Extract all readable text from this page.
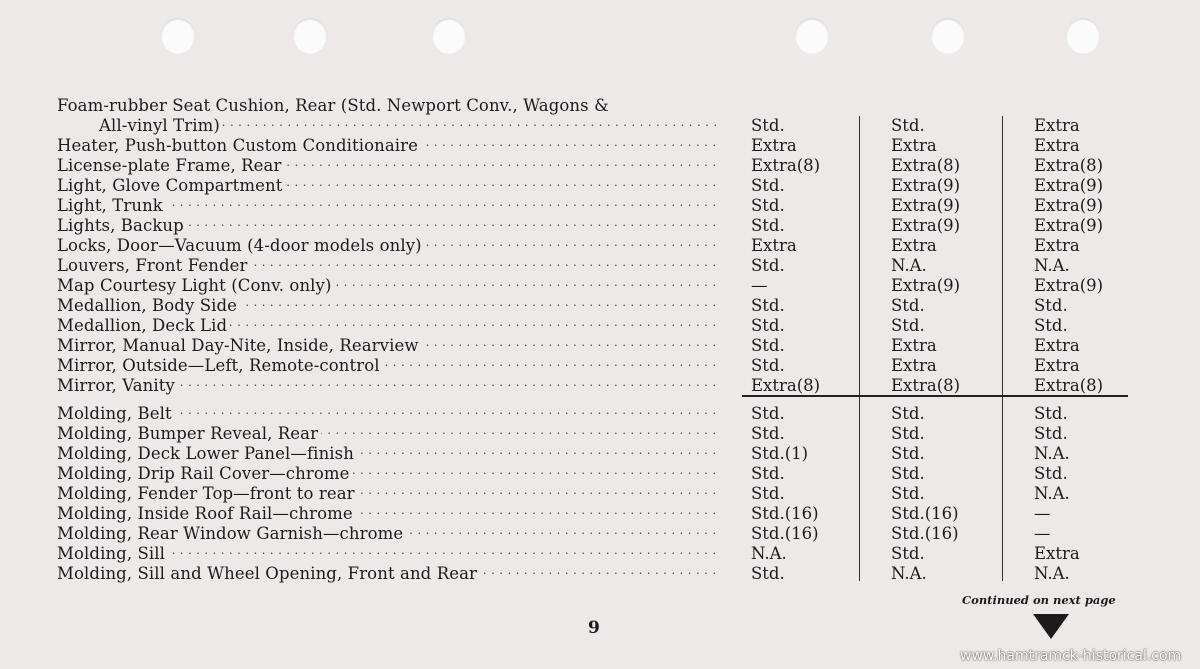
Foam-rubber Seat Cushion, Rear (Std. Newport Conv., Wagons &
All-vinyl Trim) . . .	Std.	Std.	Extra
Heater, Push-button Custom Conditionaire . . .	Extra	Extra	Extra
License-plate Frame, Rear . . .	Extra(8)	Extra(8)	Extra(8)
Light, Glove Compartment . . .	Std.	Extra(9)	Extra(9)
Light, Trunk . . .	Std.	Extra(9)	Extra(9)
Lights, Backup . . .	Std.	Extra(9)	Extra(9)
Locks, Door—Vacuum (4-door models only) . . .	Extra	Extra	Extra
Louvers, Front Fender . . .	Std.	N.A.	N.A.
Map Courtesy Light (Conv. only) . . .	—	Extra(9)	Extra(9)
Medallion, Body Side . . .	Std.	Std.	Std.
Medallion, Deck Lid . . .	Std.	Std.	Std.
Mirror, Manual Day-Nite, Inside, Rearview . . .	Std.	Extra	Extra
Mirror, Outside—Left, Remote-control . . .	Std.	Extra	Extra
Mirror, Vanity . . .	Extra(8)	Extra(8)	Extra(8)
Molding, Belt . . .	Std.	Std.	Std.
Molding, Bumper Reveal, Rear . . .	Std.	Std.	Std.
Molding, Deck Lower Panel—finish . . .	Std.(1)	Std.	N.A.
Molding, Drip Rail Cover—chrome . . .	Std.	Std.	Std.
Molding, Fender Top—front to rear . . .	Std.	Std.	N.A.
Molding, Inside Roof Rail—chrome . . .	Std.(16)	Std.(16)	—
Molding, Rear Window Garnish—chrome . . .	Std.(16)	Std.(16)	—
Molding, Sill . . .	N.A.	Std.	Extra
Molding, Sill and Wheel Opening, Front and Rear . . .	Std.	N.A.	N.A.
Continued on next page
9
www.hamtramck-historical.com
